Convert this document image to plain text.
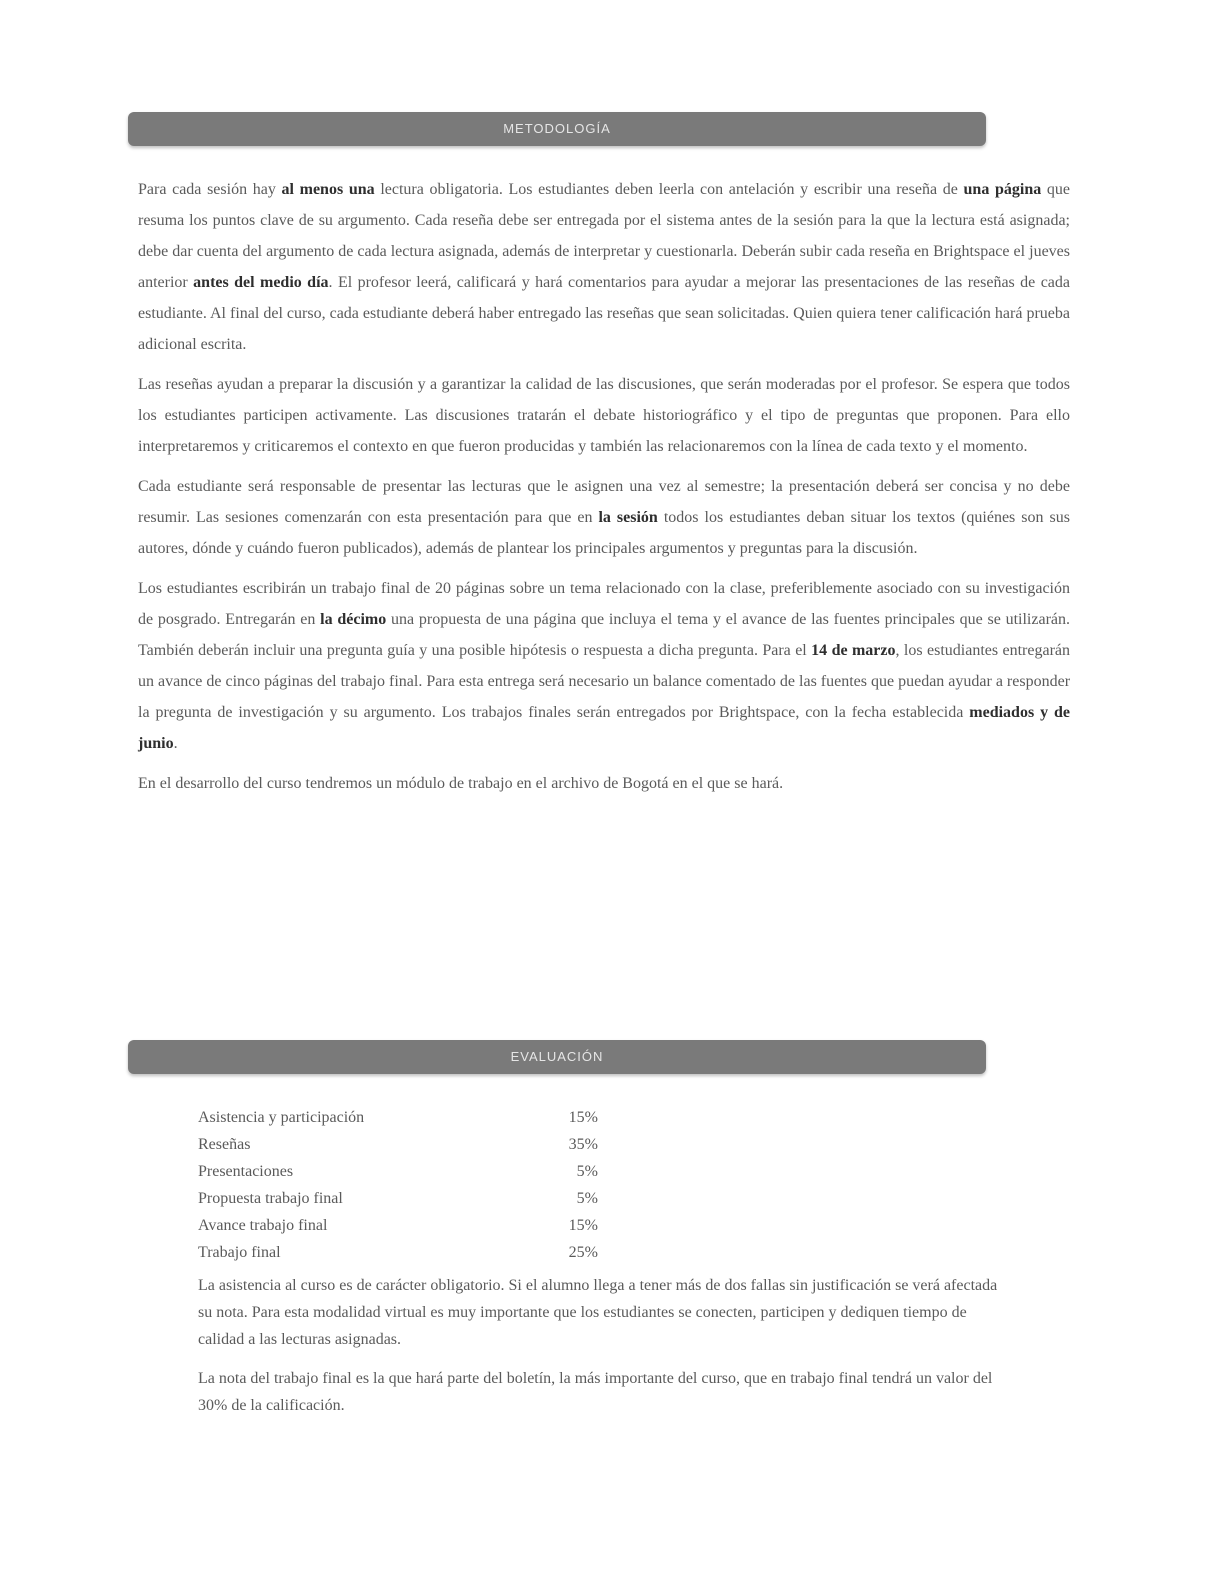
METODOLOGÍA

Para cada sesión hay al menos una lectura obligatoria. Los estudiantes deben leerla con antelación y escribir una reseña de una página que resuma los puntos clave de su argumento. Cada reseña debe ser entregada por el sistema antes de la sesión para la que la lectura está asignada; debe dar cuenta del argumento de cada lectura asignada, además de interpretar y cuestionarla. Deberán subir cada reseña en Brightspace el jueves anterior antes del medio día. El profesor leerá, calificará y hará comentarios para ayudar a mejorar las presentaciones de las reseñas de cada estudiante. Al final del curso, cada estudiante deberá haber entregado las reseñas que sean solicitadas. Quien quiera tener calificación hará prueba adicional escrita.

Las reseñas ayudan a preparar la discusión y a garantizar la calidad de las discusiones, que serán moderadas por el profesor. Se espera que todos los estudiantes participen activamente. Las discusiones tratarán el debate historiográfico y el tipo de preguntas que proponen. Para ello interpretaremos y criticaremos el contexto en que fueron producidas y también las relacionaremos con la línea de cada texto y el momento.

Cada estudiante será responsable de presentar las lecturas que le asignen una vez al semestre; la presentación deberá ser concisa y no debe resumir. Las sesiones comenzarán con esta presentación para que en la sesión todos los estudiantes deban situar los textos (quiénes son sus autores, dónde y cuándo fueron publicados), además de plantear los principales argumentos y preguntas para la discusión.

Los estudiantes escribirán un trabajo final de 20 páginas sobre un tema relacionado con la clase, preferiblemente asociado con su investigación de posgrado. Entregarán en la décimo una propuesta de una página que incluya el tema y el avance de las fuentes principales que se utilizarán. También deberán incluir una pregunta guía y una posible hipótesis o respuesta a dicha pregunta. Para el 14 de marzo, los estudiantes entregarán un avance de cinco páginas del trabajo final. Para esta entrega será necesario un balance comentado de las fuentes que puedan ayudar a responder la pregunta de investigación y su argumento. Los trabajos finales serán entregados por Brightspace, con la fecha establecida mediados y de junio.

En el desarrollo del curso tendremos un módulo de trabajo en el archivo de Bogotá en el que se hará.

EVALUACIÓN
Asistencia y participación	15%
Reseñas	35%
Presentaciones	5%
Propuesta trabajo final	5%
Avance trabajo final	15%
Trabajo final	25%

La asistencia al curso es de carácter obligatorio. Si el alumno llega a tener más de dos fallas sin justificación se verá afectada su nota. Para esta modalidad virtual es muy importante que los estudiantes se conecten, participen y dediquen tiempo de calidad a las lecturas asignadas.

La nota del trabajo final es la que hará parte del boletín, la más importante del curso, que en trabajo final tendrá un valor del 30% de la calificación.
